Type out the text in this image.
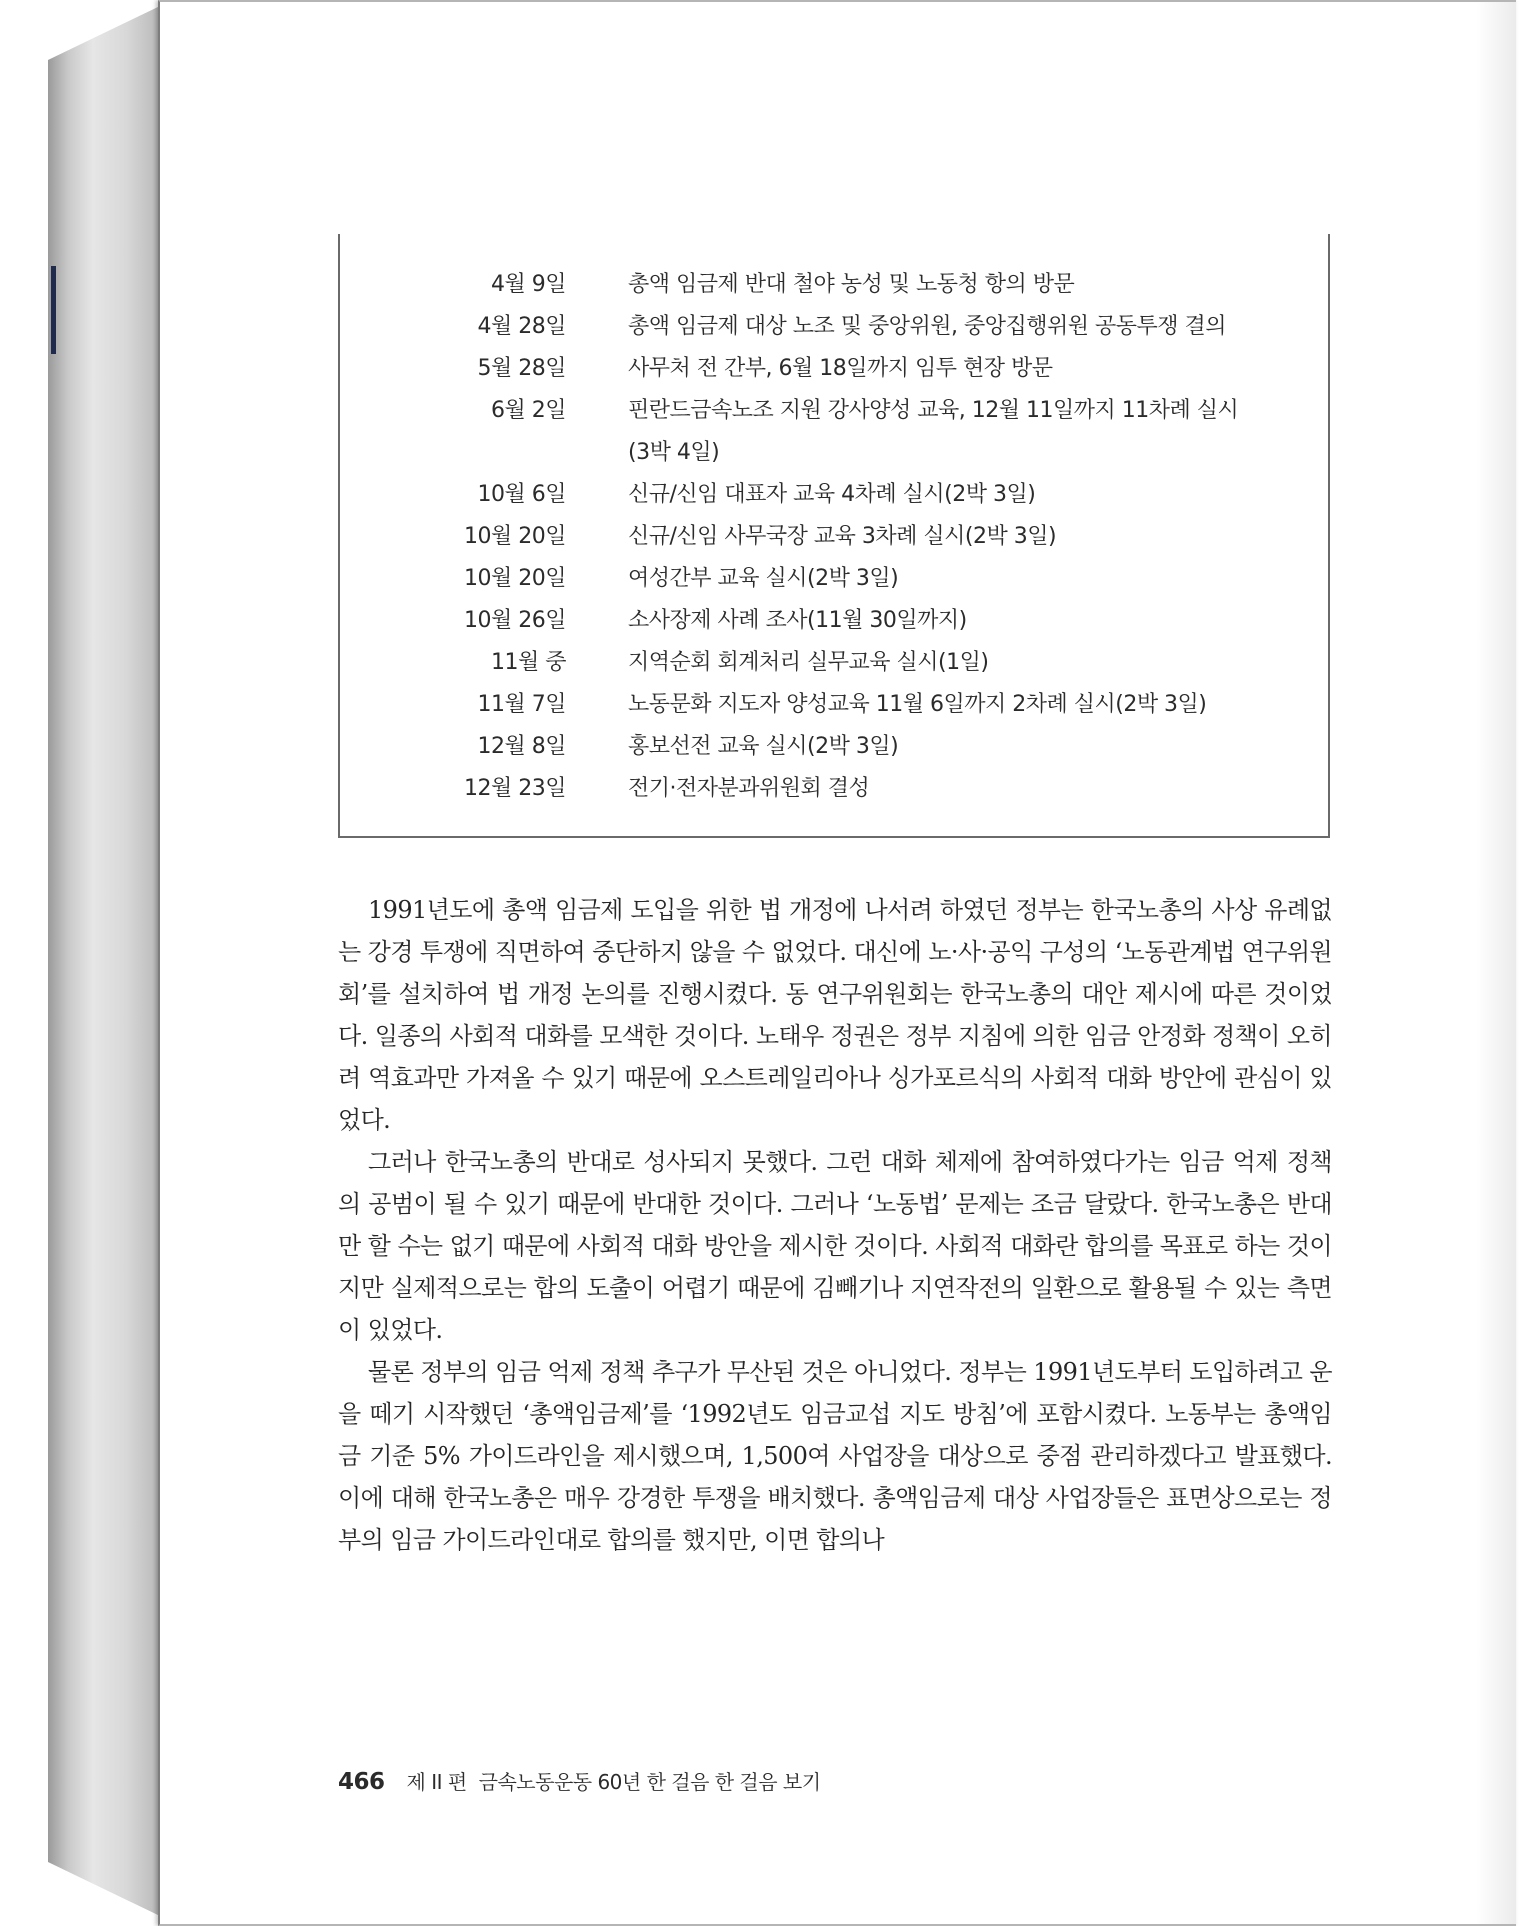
4월 9일	총액 임금제 반대 철야 농성 및 노동청 항의 방문
4월 28일	총액 임금제 대상 노조 및 중앙위원, 중앙집행위원 공동투쟁 결의
5월 28일	사무처 전 간부, 6월 18일까지 임투 현장 방문
6월 2일	핀란드금속노조 지원 강사양성 교육, 12월 11일까지 11차례 실시
(3박 4일)
10월 6일	신규/신임 대표자 교육 4차례 실시(2박 3일)
10월 20일	신규/신임 사무국장 교육 3차례 실시(2박 3일)
10월 20일	여성간부 교육 실시(2박 3일)
10월 26일	소사장제 사례 조사(11월 30일까지)
11월 중	지역순회 회계처리 실무교육 실시(1일)
11월 7일	노동문화 지도자 양성교육 11월 6일까지 2차례 실시(2박 3일)
12월 8일	홍보선전 교육 실시(2박 3일)
12월 23일	전기·전자분과위원회 결성

1991년도에 총액 임금제 도입을 위한 법 개정에 나서려 하였던 정부는 한국노총의 사상 유례없는 강경 투쟁에 직면하여 중단하지 않을 수 없었다. 대신에 노·사·공익 구성의 ‘노동관계법 연구위원회’를 설치하여 법 개정 논의를 진행시켰다. 동 연구위원회는 한국노총의 대안 제시에 따른 것이었다. 일종의 사회적 대화를 모색한 것이다. 노태우 정권은 정부 지침에 의한 임금 안정화 정책이 오히려 역효과만 가져올 수 있기 때문에 오스트레일리아나 싱가포르식의 사회적 대화 방안에 관심이 있었다.

그러나 한국노총의 반대로 성사되지 못했다. 그런 대화 체제에 참여하였다가는 임금 억제 정책의 공범이 될 수 있기 때문에 반대한 것이다. 그러나 ‘노동법’ 문제는 조금 달랐다. 한국노총은 반대만 할 수는 없기 때문에 사회적 대화 방안을 제시한 것이다. 사회적 대화란 합의를 목표로 하는 것이지만 실제적으로는 합의 도출이 어렵기 때문에 김빼기나 지연작전의 일환으로 활용될 수 있는 측면이 있었다.

물론 정부의 임금 억제 정책 추구가 무산된 것은 아니었다. 정부는 1991년도부터 도입하려고 운을 떼기 시작했던 ‘총액임금제’를 ‘1992년도 임금교섭 지도 방침’에 포함시켰다. 노동부는 총액임금 기준 5% 가이드라인을 제시했으며, 1,500여 사업장을 대상으로 중점 관리하겠다고 발표했다. 이에 대해 한국노총은 매우 강경한 투쟁을 배치했다. 총액임금제 대상 사업장들은 표면상으로는 정부의 임금 가이드라인대로 합의를 했지만, 이면 합의나

466 제 II 편 금속노동운동 60년 한 걸음 한 걸음 보기
